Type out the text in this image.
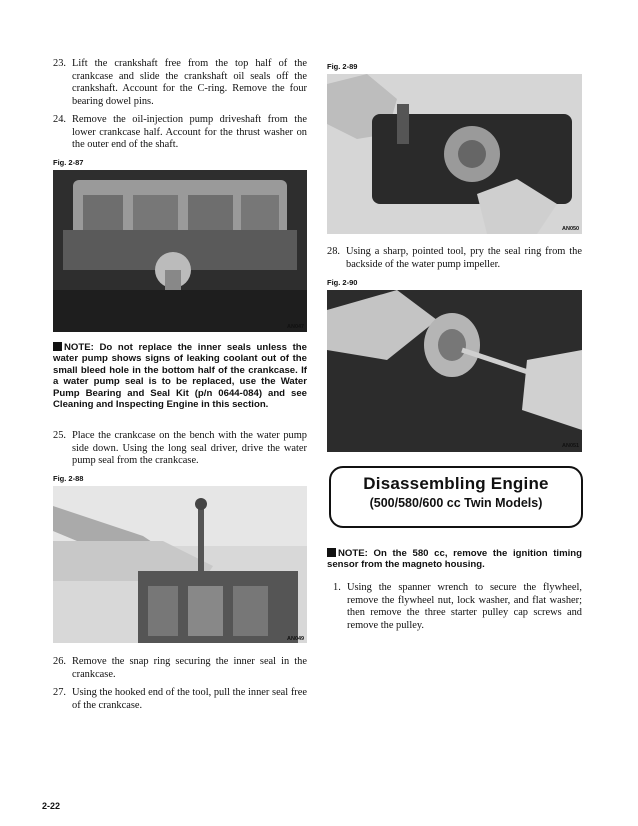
23. Lift the crankshaft free from the top half of the crankcase and slide the crankshaft oil seals off the crankshaft. Account for the C-ring. Remove the four bearing dowel pins.
24. Remove the oil-injection pump driveshaft from the lower crankcase half. Account for the thrust washer on the outer end of the shaft.
Fig. 2-87
AN047
NOTE: Do not replace the inner seals unless the water pump shows signs of leaking coolant out of the small bleed hole in the bottom half of the crankcase. If a water pump seal is to be replaced, use the Water Pump Bearing and Seal Kit (p/n 0644-084) and see Cleaning and Inspecting Engine in this section.
25. Place the crankcase on the bench with the water pump side down. Using the long seal driver, drive the water pump seal from the crankcase.
Fig. 2-88
AN049
26. Remove the snap ring securing the inner seal in the crankcase.
27. Using the hooked end of the tool, pull the inner seal free of the crankcase.
Fig. 2-89
AN050
28. Using a sharp, pointed tool, pry the seal ring from the backside of the water pump impeller.
Fig. 2-90
AN051
Disassembling Engine
(500/580/600 cc Twin Models)
NOTE: On the 580 cc, remove the ignition timing sensor from the magneto housing.
1. Using the spanner wrench to secure the flywheel, remove the flywheel nut, lock washer, and flat washer; then remove the three starter pulley cap screws and remove the pulley.
2-22
